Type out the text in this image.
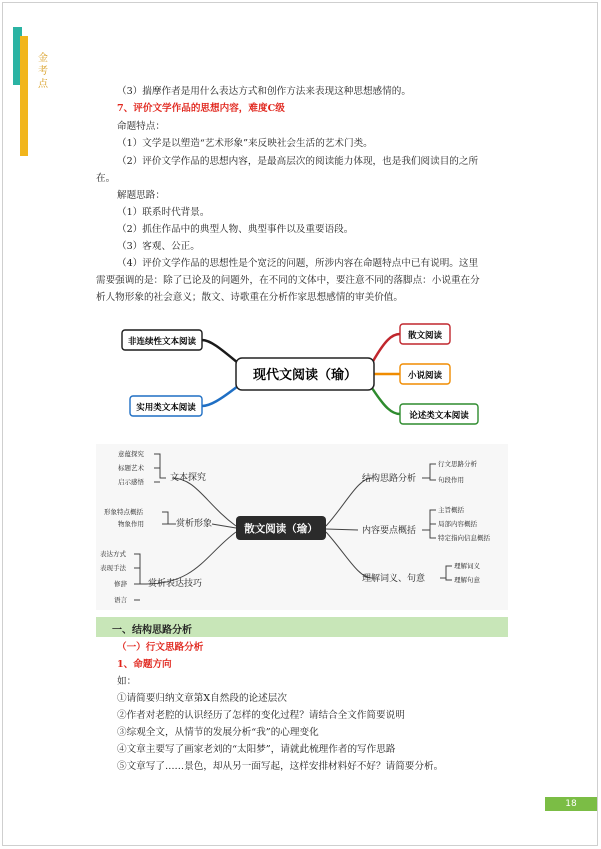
金考点
（3）揣摩作者是用什么表达方式和创作方法来表现这种思想感情的。
7、评价文学作品的思想内容，难度C级
命题特点：
（1）文学是以塑造“艺术形象”来反映社会生活的艺术门类。
（2）评价文学作品的思想内容，是最高层次的阅读能力体现，也是我们阅读目的之所
在。
解题思路：
（1）联系时代背景。
（2）抓住作品中的典型人物、典型事件以及重要语段。
（3）客观、公正。
（4）评价文学作品的思想性是个宽泛的问题，所涉内容在命题特点中已有说明。这里
需要强调的是：除了已论及的问题外，在不同的文体中，要注意不同的落脚点：小说重在分
析人物形象的社会意义；散文、诗歌重在分析作家思想感情的审美价值。
非连续性文本阅读
实用类文本阅读
现代文阅读（瑜）
散文阅读
小说阅读
论述类文本阅读
散文阅读（瑜）
文本探究
赏析形象
赏析表达技巧
意蕴探究
标题艺术
启示感悟
形象特点概括
物象作用
表达方式
表现手法
修辞
语言
结构思路分析
内容要点概括
理解词义、句意
行文思路分析
句段作用
主旨概括
局部内容概括
特定指向信息概括
理解词义
理解句意
一、结构思路分析
（一）行文思路分析
1、命题方向
如：
①请简要归纳文章第X自然段的论述层次
②作者对老腔的认识经历了怎样的变化过程？请结合全文作简要说明
③综观全文，从情节的发展分析“我”的心理变化
④文章主要写了画家老刘的“太阳梦”，请就此梳理作者的写作思路
⑤文章写了……景色，却从另一面写起，这样安排材料好不好？请简要分析。
18
